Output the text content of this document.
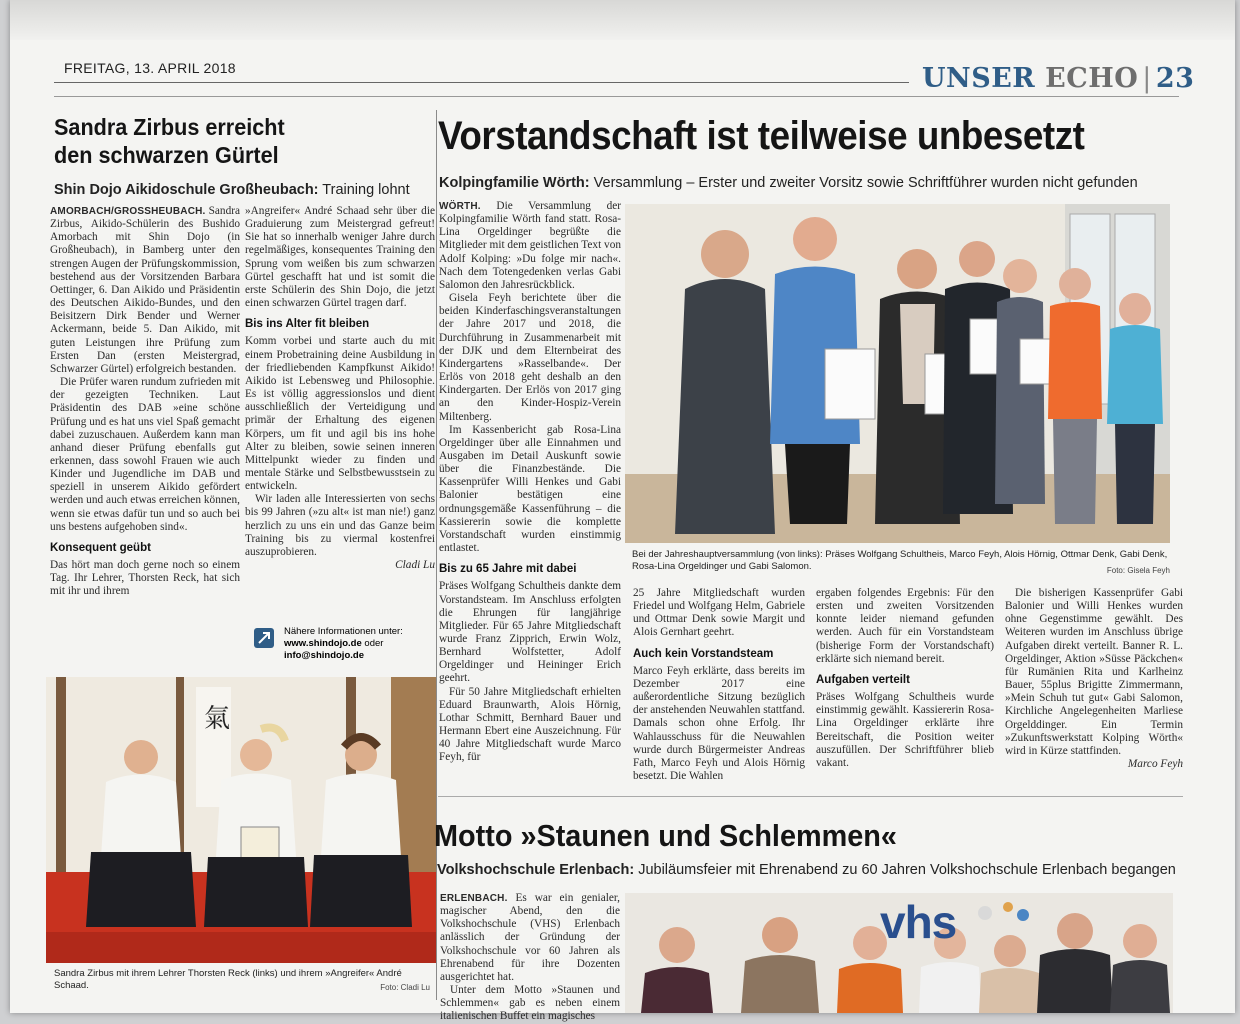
FREITAG, 13. APRIL 2018	UNSER ECHO | 23
Sandra Zirbus erreicht den schwarzen Gürtel
Shin Dojo Aikidoschule Großheubach: Training lohnt

AMORBACH/GROSSHEUBACH. Sandra Zirbus, Aikido-Schülerin des Bushido Amorbach mit Shin Dojo (in Großheubach), in Bamberg unter den strengen Augen der Prüfungskommission, bestehend aus der Vorsitzenden Barbara Oettinger, 6. Dan Aikido und Präsidentin des Deutschen Aikido-Bundes, und den Beisitzern Dirk Bender und Werner Ackermann, beide 5. Dan Aikido, mit guten Leistungen ihre Prüfung zum Ersten Dan (ersten Meistergrad, Schwarzer Gürtel) erfolgreich bestanden.

Die Prüfer waren rundum zufrieden mit der gezeigten Techniken. Laut Präsidentin des DAB »eine schöne Prüfung und es hat uns viel Spaß gemacht dabei zuzuschauen. Außerdem kann man anhand dieser Prüfung ebenfalls gut erkennen, dass sowohl Frauen wie auch Kinder und Jugendliche im DAB und speziell in unserem Aikido gefördert werden und auch etwas erreichen können, wenn sie etwas dafür tun und so auch bei uns bestens aufgehoben sind«.

Konsequent geübt

Das hört man doch gerne noch so einem Tag. Ihr Lehrer, Thorsten Reck, hat sich mit ihr und ihrem

»Angreifer« André Schaad sehr über die Graduierung zum Meistergrad gefreut! Sie hat so innerhalb weniger Jahre durch regelmäßiges, konsequentes Training den Sprung vom weißen bis zum schwarzen Gürtel geschafft hat und ist somit die erste Schülerin des Shin Dojo, die jetzt einen schwarzen Gürtel tragen darf.

Bis ins Alter fit bleiben

Komm vorbei und starte auch du mit einem Probetraining deine Ausbildung in der friedliebenden Kampfkunst Aikido! Aikido ist Lebensweg und Philosophie. Es ist völlig aggressionslos und dient ausschließlich der Verteidigung und primär der Erhaltung des eigenen Körpers, um fit und agil bis ins hohe Alter zu bleiben, sowie seinen inneren Mittelpunkt wieder zu finden und mentale Stärke und Selbstbewusstsein zu entwickeln.

Wir laden alle Interessierten von sechs bis 99 Jahren (»zu alt« ist man nie!) ganz herzlich zu uns ein und das Ganze beim Training bis zu viermal kostenfrei auszuprobieren.

Cladi Lu
Nähere Informationen unter:
www.shindojo.de oder
info@shindojo.de
氣
Sandra Zirbus mit ihrem Lehrer Thorsten Reck (links) und ihrem »Angreifer« André Schaad.	Foto: Cladi Lu
Vorstandschaft ist teilweise unbesetzt
Kolpingfamilie Wörth: Versammlung – Erster und zweiter Vorsitz sowie Schriftführer wurden nicht gefunden

WÖRTH. Die Versammlung der Kolpingfamilie Wörth fand statt. Rosa-Lina Orgeldinger begrüßte die Mitglieder mit dem geistlichen Text von Adolf Kolping: »Du folge mir nach«. Nach dem Totengedenken verlas Gabi Salomon den Jahresrückblick.

Gisela Feyh berichtete über die beiden Kinderfaschingsveranstaltungen der Jahre 2017 und 2018, die Durchführung in Zusammenarbeit mit der DJK und dem Elternbeirat des Kindergartens »Rasselbande«. Der Erlös von 2018 geht deshalb an den Kindergarten. Der Erlös von 2017 ging an den Kinder-Hospiz-Verein Miltenberg.

Im Kassenbericht gab Rosa-Lina Orgeldinger über alle Einnahmen und Ausgaben im Detail Auskunft sowie über die Finanzbestände. Die Kassenprüfer Willi Henkes und Gabi Balonier bestätigen eine ordnungsgemäße Kassenführung – die Kassiererin sowie die komplette Vorstandschaft wurden einstimmig entlastet.

Bis zu 65 Jahre mit dabei

Präses Wolfgang Schultheis dankte dem Vorstandsteam. Im Anschluss erfolgten die Ehrungen für langjährige Mitglieder. Für 65 Jahre Mitgliedschaft wurde Franz Zipprich, Erwin Wolz, Bernhard Wolfstetter, Adolf Orgeldinger und Heininger Erich geehrt.

Für 50 Jahre Mitgliedschaft erhielten Eduard Braunwarth, Alois Hörnig, Lothar Schmitt, Bernhard Bauer und Hermann Ebert eine Auszeichnung. Für 40 Jahre Mitgliedschaft wurde Marco Feyh, für

Bei der Jahreshauptversammlung (von links): Präses Wolfgang Schultheis, Marco Feyh, Alois Hörnig, Ottmar Denk, Gabi Denk, Rosa-Lina Orgeldinger und Gabi Salomon.	Foto: Gisela Feyh

25 Jahre Mitgliedschaft wurden Friedel und Wolfgang Helm, Gabriele und Ottmar Denk sowie Margit und Alois Gernhart geehrt.

Auch kein Vorstandsteam

Marco Feyh erklärte, dass bereits im Dezember 2017 eine außerordentliche Sitzung bezüglich der anstehenden Neuwahlen stattfand. Damals schon ohne Erfolg. Ihr Wahlausschuss für die Neuwahlen wurde durch Bürgermeister Andreas Fath, Marco Feyh und Alois Hörnig besetzt. Die Wahlen

ergaben folgendes Ergebnis: Für den ersten und zweiten Vorsitzenden konnte leider niemand gefunden werden. Auch für ein Vorstandsteam (bisherige Form der Vorstandschaft) erklärte sich niemand bereit.

Aufgaben verteilt

Präses Wolfgang Schultheis wurde einstimmig gewählt. Kassiererin Rosa-Lina Orgeldinger erklärte ihre Bereitschaft, die Position weiter auszufüllen. Der Schriftführer blieb vakant.

Die bisherigen Kassenprüfer Gabi Balonier und Willi Henkes wurden ohne Gegenstimme gewählt. Des Weiteren wurden im Anschluss übrige Aufgaben direkt verteilt. Banner R. L. Orgeldinger, Aktion »Süsse Päckchen« für Rumänien Rita und Karlheinz Bauer, 55plus Brigitte Zimmermann, »Mein Schuh tut gut« Gabi Salomon, Kirchliche Angelegenheiten Marliese Orgelddinger. Ein Termin »Zukunftswerkstatt Kolping Wörth« wird in Kürze stattfinden.

Marco Feyh
Motto »Staunen und Schlemmen«
Volkshochschule Erlenbach: Jubiläumsfeier mit Ehrenabend zu 60 Jahren Volkshochschule Erlenbach begangen

ERLENBACH. Es war ein genialer, magischer Abend, den die Volkshochschule (VHS) Erlenbach anlässlich der Gründung der Volkshochschule vor 60 Jahren als Ehrenabend für ihre Dozenten ausgerichtet hat.

Unter dem Motto »Staunen und Schlemmen« gab es neben einem italienischen Buffet ein magisches

vhs
